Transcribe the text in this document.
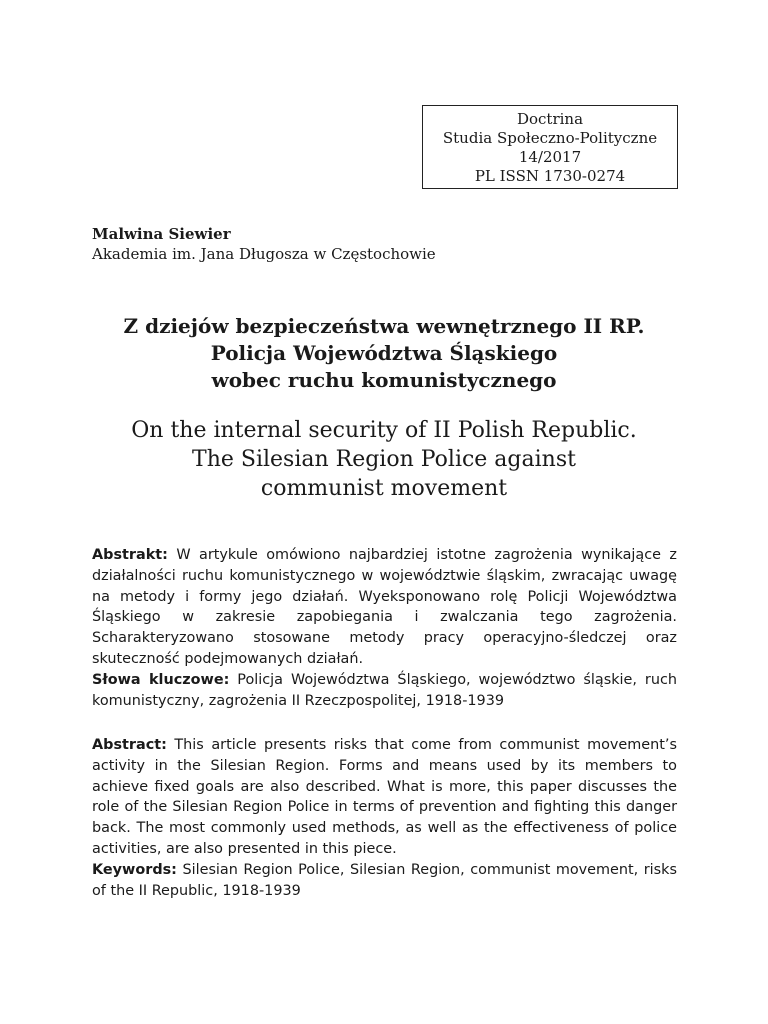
Doctrina
Studia Społeczno-Polityczne
14/2017
PL ISSN 1730-0274
Malwina Siewier
Akademia im. Jana Długosza w Częstochowie
Z dziejów bezpieczeństwa wewnętrznego II RP.
Policja Województwa Śląskiego
wobec ruchu komunistycznego
On the internal security of II Polish Republic.
The Silesian Region Police against
communist movement

Abstrakt: W artykule omówiono najbardziej istotne zagrożenia wynikające z działalności ruchu komunistycznego w województwie śląskim, zwracając uwagę na metody i formy jego działań. Wyeksponowano rolę Policji Województwa Śląskiego w zakresie zapobiegania i zwalczania tego zagrożenia. Scharakteryzowano stosowane metody pracy operacyjno-śledczej oraz skuteczność podejmowanych działań.

Słowa kluczowe: Policja Województwa Śląskiego, województwo śląskie, ruch komunistyczny, zagrożenia II Rzeczpospolitej, 1918-1939

Abstract: This article presents risks that come from communist movement’s activity in the Silesian Region. Forms and means used by its members to achieve fixed goals are also described. What is more, this paper discusses the role of the Silesian Region Police in terms of prevention and fighting this danger back. The most commonly used methods, as well as the effectiveness of police activities, are also presented in this piece.

Keywords: Silesian Region Police, Silesian Region, communist movement, risks of the II Republic, 1918-1939
